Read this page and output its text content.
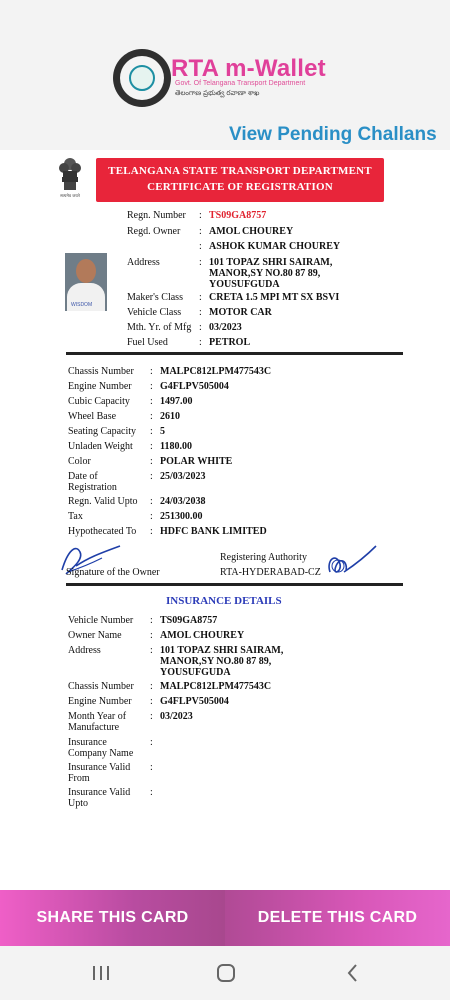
RTA m-Wallet
Govt. Of Telangana Transport Department
తెలంగాణ ప్రభుత్వ రవాణా శాఖ
View Pending Challans
सत्यमेव जयते
TELANGANA STATE TRANSPORT DEPARTMENT
CERTIFICATE OF REGISTRATION
Regn. Number : TS09GA8757
Regd. Owner : AMOL CHOUREY
: ASHOK KUMAR CHOUREY
Address	: 101 TOPAZ SHRI SAIRAM,
MANOR,SY NO.80 87 89,
YOUSUFGUDA
Maker's Class : CRETA 1.5 MPI MT SX BSVI
Vehicle Class : MOTOR CAR
Mth. Yr. of Mfg : 03/2023
Fuel Used	: PETROL
WISDOM
Chassis Number : MALPC812LPM477543C
Engine Number : G4FLPV505004
Cubic Capacity : 1497.00
Wheel Base	: 2610
Seating Capacity : 5
Unladen Weight : 1180.00
Color	: POLAR WHITE
Date of
Registration
: 25/03/2023
Regn. Valid Upto : 24/03/2038
Tax	: 251300.00
Hypothecated To : HDFC BANK LIMITED
Signature of the Owner
Registering Authority
RTA-HYDERABAD-CZ
INSURANCE DETAILS
Vehicle Number : TS09GA8757
Owner Name	: AMOL CHOUREY
Address	: 101 TOPAZ SHRI SAIRAM,
MANOR,SY NO.80 87 89,
YOUSUFGUDA
Chassis Number : MALPC812LPM477543C
Engine Number : G4FLPV505004
Month Year of
Manufacture
: 03/2023
Insurance
Company Name
:
Insurance Valid
From
:
Insurance Valid
Upto
:
SHARE THIS CARD	DELETE THIS CARD
